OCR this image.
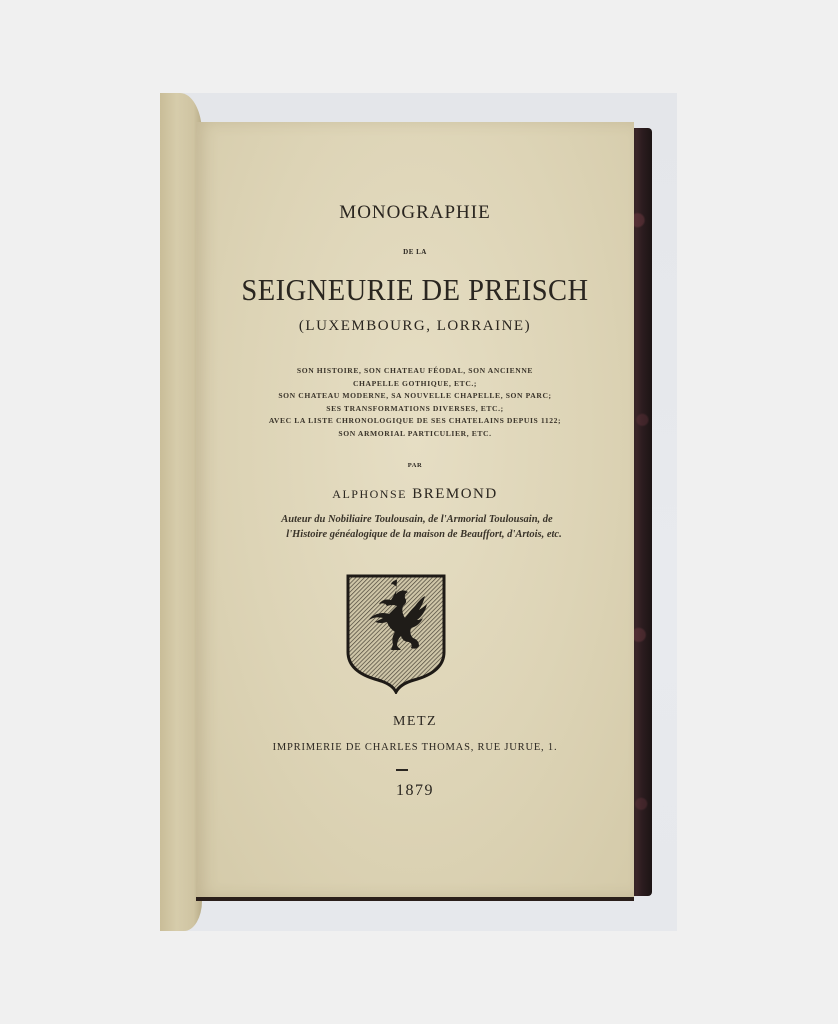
MONOGRAPHIE
DE LA
SEIGNEURIE DE PREISCH
(LUXEMBOURG, LORRAINE)
SON HISTOIRE, SON CHATEAU FÉODAL, SON ANCIENNE
CHAPELLE GOTHIQUE, ETC.;
SON CHATEAU MODERNE, SA NOUVELLE CHAPELLE, SON PARC;
SES TRANSFORMATIONS DIVERSES, ETC.;
AVEC LA LISTE CHRONOLOGIQUE DE SES CHATELAINS DEPUIS 1122;
SON ARMORIAL PARTICULIER, ETC.
PAR
ALPHONSE BREMOND
Auteur du Nobiliaire Toulousain, de l'Armorial Toulousain, de
l'Histoire généalogique de la maison de Beauffort, d'Artois, etc.
METZ
IMPRIMERIE DE CHARLES THOMAS, RUE JURUE, 1.
1879
